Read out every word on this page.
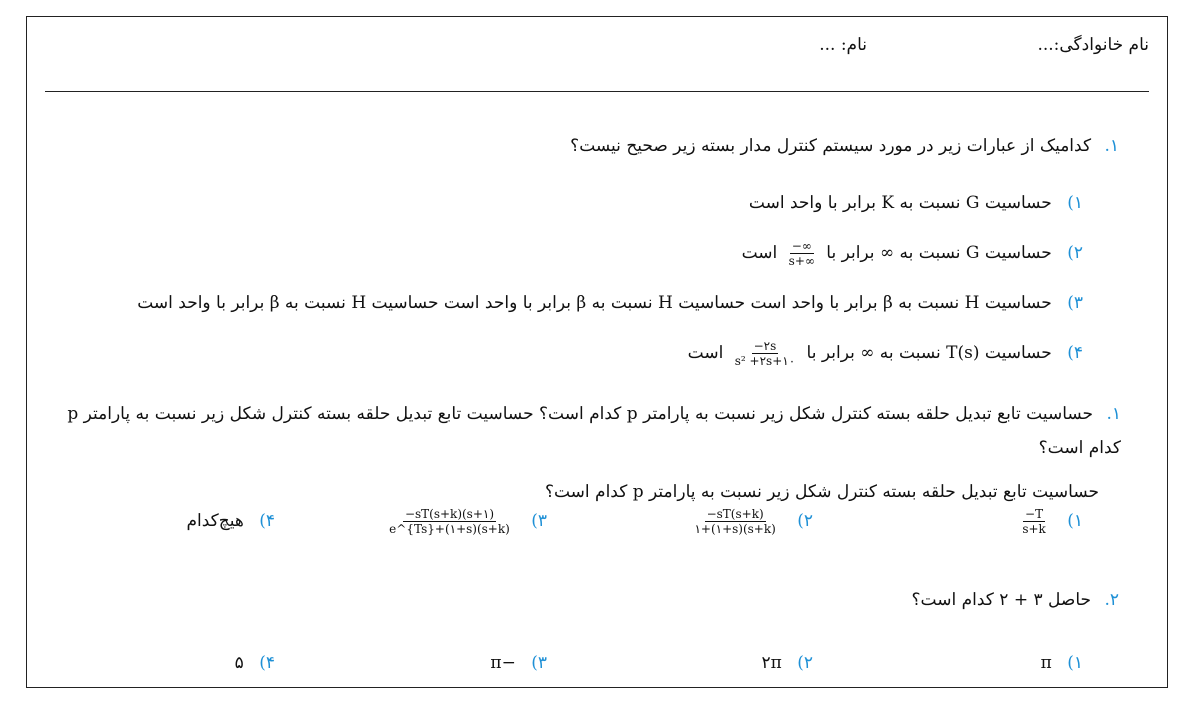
نام خانوادگی:...
نام: ...
۱. کدامیک از عبارات زیر در مورد سیستم کنترل مدار بسته زیر صحیح نیست؟
۱) حساسیت G نسبت به K برابر با واحد است
۲) حساسیت G نسبت به ∞ برابر با
$\frac{-\infty}{s+\infty}$
است
۳) حساسیت H نسبت به β برابر با واحد است حساسیت H نسبت به β برابر با واحد است حساسیت H نسبت به β برابر با واحد است
۴) حساسیت T(s) نسبت به ∞ برابر با
$\frac{-۲s}{\text{s² +۲s+۱۰}}$
است
۱. حساسیت تابع تبدیل حلقه بسته کنترل شکل زیر نسبت به پارامتر p کدام است؟ حساسیت تابع تبدیل حلقه بسته کنترل شکل زیر نسبت به پارامتر p کدام است؟
حساسیت تابع تبدیل حلقه بسته کنترل شکل زیر نسبت به پارامتر p کدام است؟
۱)
$\frac{-T}{s+k}$
۲)
$\frac{-sT(s+k)}{۱+(۱+s)(s+k)}$
۳)
$\frac{-sT(s+k)(s+۱)}{e\^{}\{Ts\}+(۱+s)(s+k)}$
۴) هیچ‌کدام
۲. حاصل ۳ + ۲ کدام است؟
۱) π
۲) ۲π
۳) −π
۴) ۵
